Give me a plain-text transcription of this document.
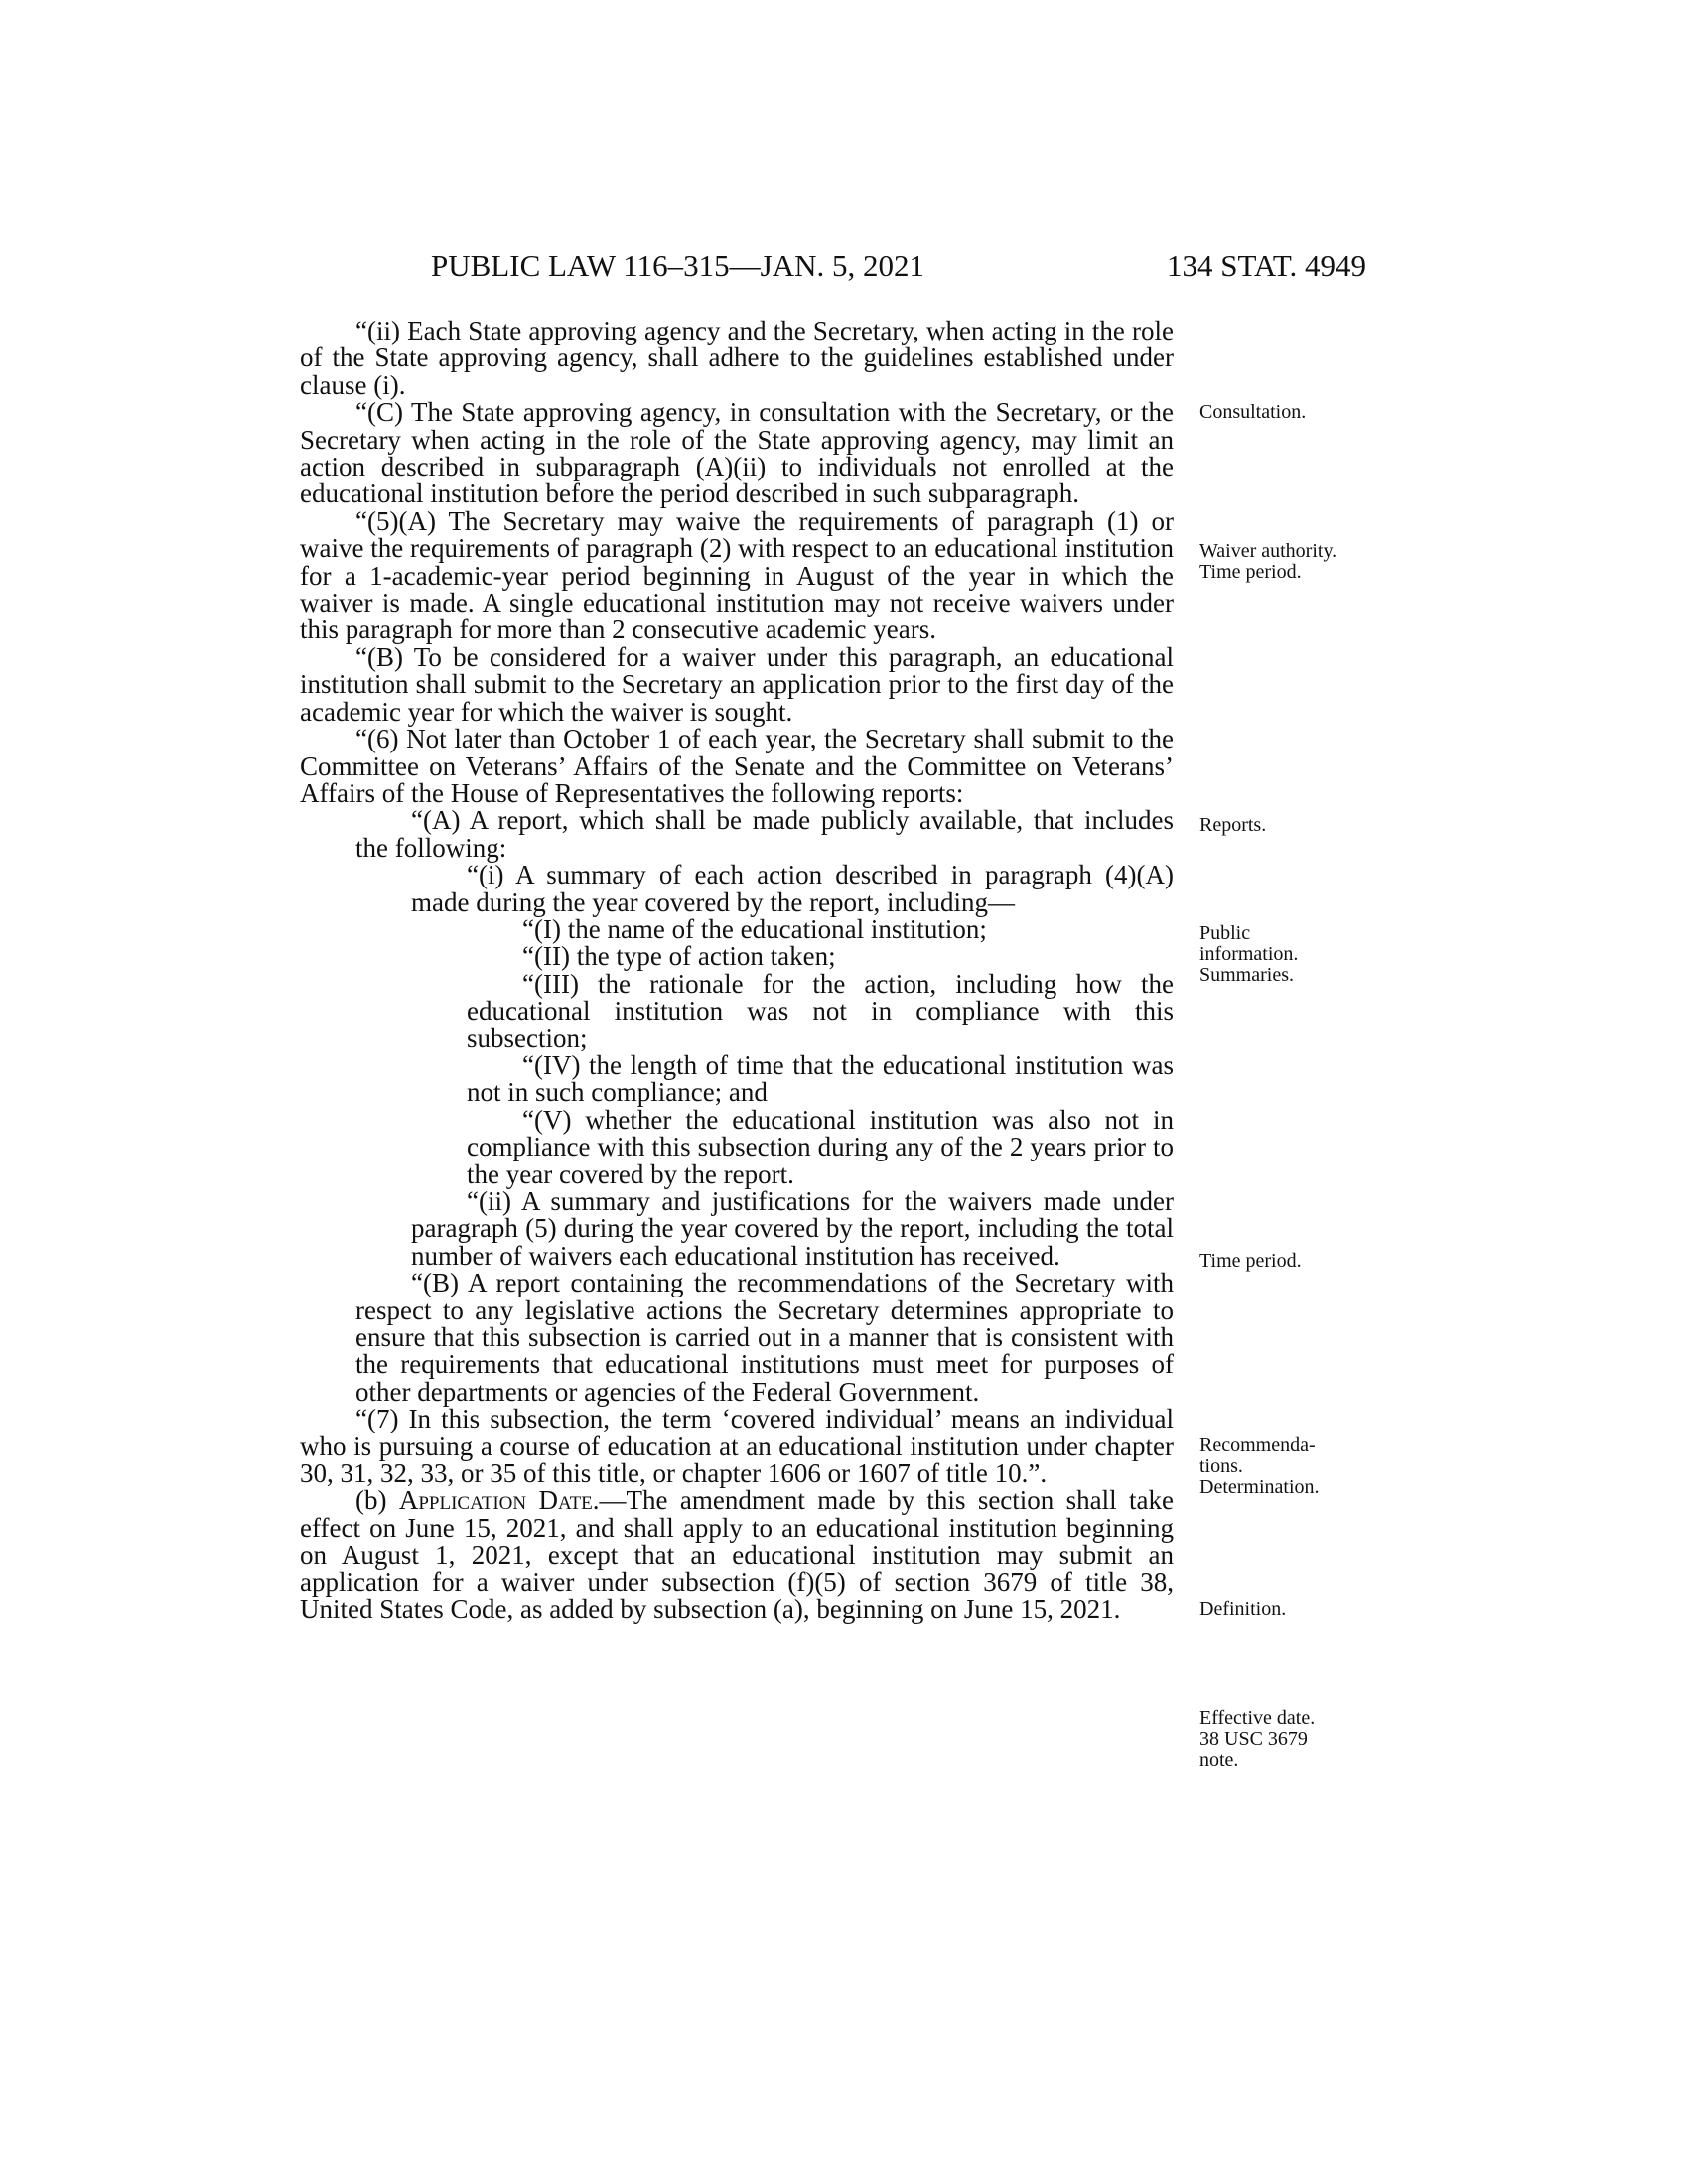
PUBLIC LAW 116–315—JAN. 5, 2021	134 STAT. 4949

“(ii) Each State approving agency and the Secretary, when acting in the role of the State approving agency, shall adhere to the guidelines established under clause (i).

“(C) The State approving agency, in consultation with the Secretary, or the Secretary when acting in the role of the State approving agency, may limit an action described in subparagraph (A)(ii) to individuals not enrolled at the educational institution before the period described in such subparagraph.

“(5)(A) The Secretary may waive the requirements of paragraph (1) or waive the requirements of paragraph (2) with respect to an educational institution for a 1-academic-year period beginning in August of the year in which the waiver is made. A single educational institution may not receive waivers under this paragraph for more than 2 consecutive academic years.

“(B) To be considered for a waiver under this paragraph, an educational institution shall submit to the Secretary an application prior to the first day of the academic year for which the waiver is sought.

“(6) Not later than October 1 of each year, the Secretary shall submit to the Committee on Veterans’ Affairs of the Senate and the Committee on Veterans’ Affairs of the House of Representatives the following reports:

“(A) A report, which shall be made publicly available, that includes the following:

“(i) A summary of each action described in paragraph (4)(A) made during the year covered by the report, including—

“(I) the name of the educational institution;

“(II) the type of action taken;

“(III) the rationale for the action, including how the educational institution was not in compliance with this subsection;

“(IV) the length of time that the educational institution was not in such compliance; and

“(V) whether the educational institution was also not in compliance with this subsection during any of the 2 years prior to the year covered by the report.

“(ii) A summary and justifications for the waivers made under paragraph (5) during the year covered by the report, including the total number of waivers each educational institution has received.

“(B) A report containing the recommendations of the Secretary with respect to any legislative actions the Secretary determines appropriate to ensure that this subsection is carried out in a manner that is consistent with the requirements that educational institutions must meet for purposes of other departments or agencies of the Federal Government.

“(7) In this subsection, the term ‘covered individual’ means an individual who is pursuing a course of education at an educational institution under chapter 30, 31, 32, 33, or 35 of this title, or chapter 1606 or 1607 of title 10.”.

(b) Application Date.—The amendment made by this section shall take effect on June 15, 2021, and shall apply to an educational institution beginning on August 1, 2021, except that an educational institution may submit an application for a waiver under subsection (f)(5) of section 3679 of title 38, United States Code, as added by subsection (a), beginning on June 15, 2021.

Consultation.
Waiver authority.
Time period.
Reports.
Public
information.
Summaries.
Time period.
Recommenda-
tions.
Determination.
Definition.
Effective date.
38 USC 3679
note.
